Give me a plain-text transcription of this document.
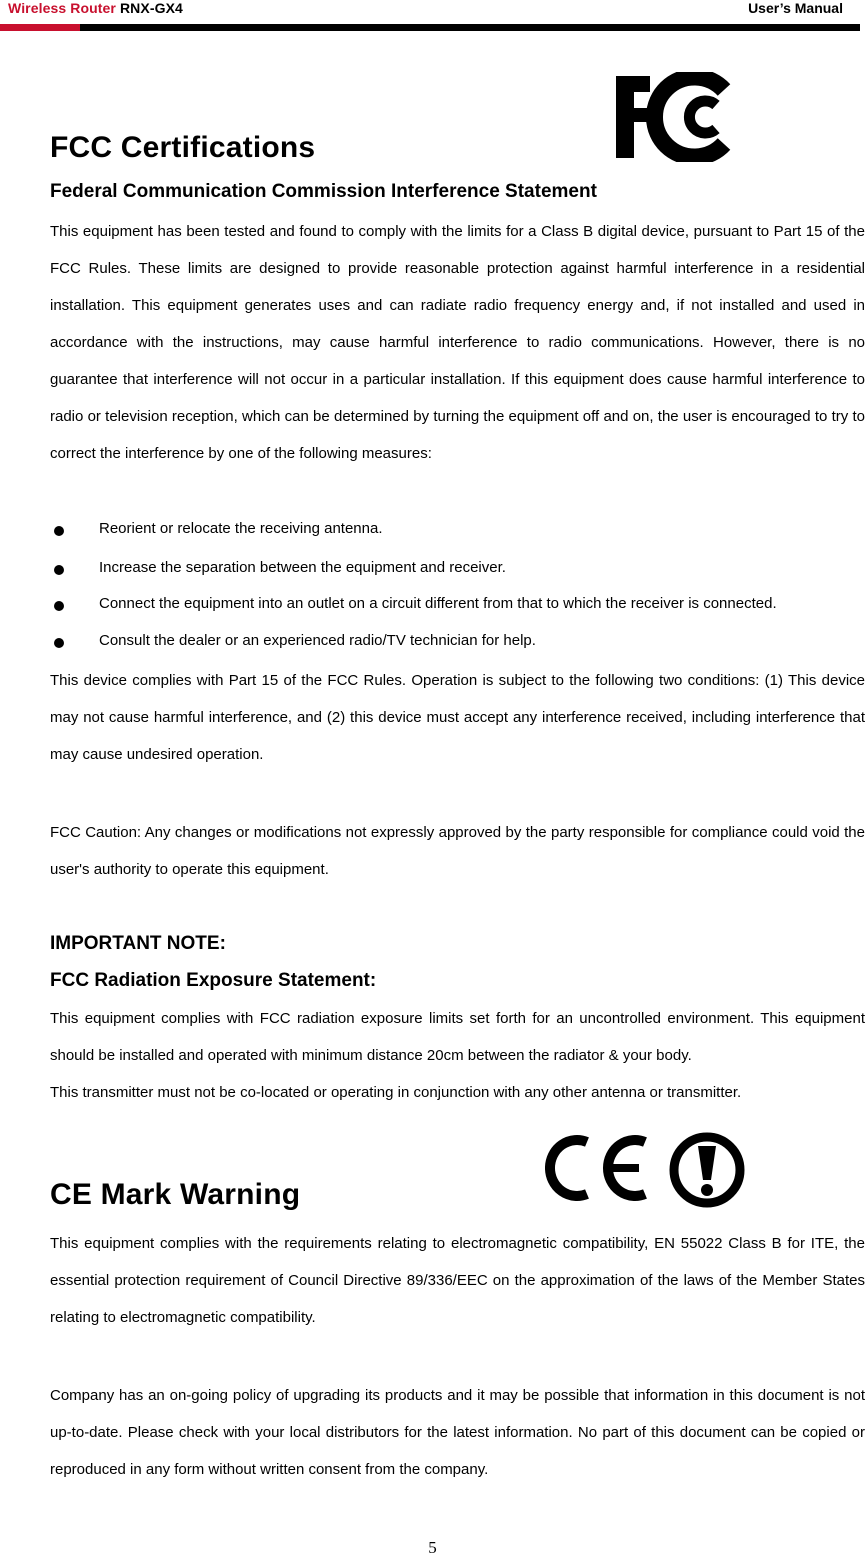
Wireless Router RNX-GX4	User’s Manual
FCC Certifications
Federal Communication Commission Interference Statement

This equipment has been tested and found to comply with the limits for a Class B digital device, pursuant to Part 15 of the FCC Rules. These limits are designed to provide reasonable protection against harmful interference in a residential installation. This equipment generates uses and can radiate radio frequency energy and, if not installed and used in accordance with the instructions, may cause harmful interference to radio communications. However, there is no guarantee that interference will not occur in a particular installation. If this equipment does cause harmful interference to radio or television reception, which can be determined by turning the equipment off and on, the user is encouraged to try to correct the interference by one of the following measures:

Reorient or relocate the receiving antenna.
Increase the separation between the equipment and receiver.
Connect the equipment into an outlet on a circuit different from that to which the receiver is connected.
Consult the dealer or an experienced radio/TV technician for help.

This device complies with Part 15 of the FCC Rules. Operation is subject to the following two conditions: (1) This device may not cause harmful interference, and (2) this device must accept any interference received, including interference that may cause undesired operation.

FCC Caution: Any changes or modifications not expressly approved by the party responsible for compliance could void the user's authority to operate this equipment.

IMPORTANT NOTE:
FCC Radiation Exposure Statement:

This equipment complies with FCC radiation exposure limits set forth for an uncontrolled environment. This equipment should be installed and operated with minimum distance 20cm between the radiator & your body.

This transmitter must not be co-located or operating in conjunction with any other antenna or transmitter.

CE Mark Warning

This equipment complies with the requirements relating to electromagnetic compatibility, EN 55022 Class B for ITE, the essential protection requirement of Council Directive 89/336/EEC on the approximation of the laws of the Member States relating to electromagnetic compatibility.

Company has an on-going policy of upgrading its products and it may be possible that information in this document is not up-to-date. Please check with your local distributors for the latest information. No part of this document can be copied or reproduced in any form without written consent from the company.

5
